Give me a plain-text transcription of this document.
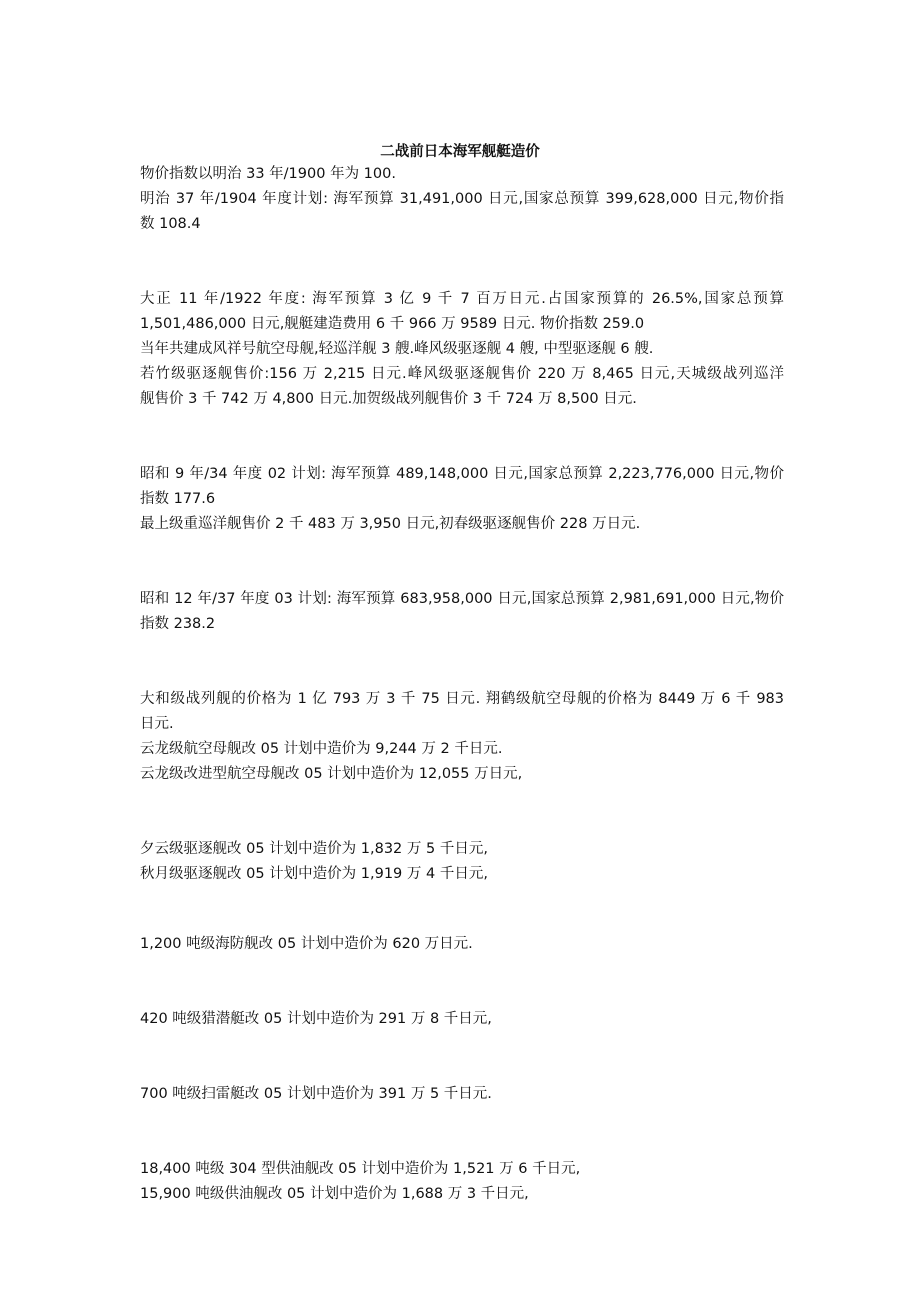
二战前日本海军舰艇造价
物价指数以明治 33 年/1900 年为 100.
明治 37 年/1904 年度计划: 海军预算 31,491,000 日元,国家总预算 399,628,000 日元,物价指
数 108.4
大正 11 年/1922 年度: 海军预算 3 亿 9 千 7 百万日元.占国家预算的 26.5%,国家总预算
1,501,486,000 日元,舰艇建造费用 6 千 966 万 9589 日元. 物价指数 259.0
当年共建成风祥号航空母舰,轻巡洋舰 3 艘.峰风级驱逐舰 4 艘, 中型驱逐舰 6 艘.
若竹级驱逐舰售价:156 万 2,215 日元.峰风级驱逐舰售价 220 万 8,465 日元,天城级战列巡洋
舰售价 3 千 742 万 4,800 日元.加贺级战列舰售价 3 千 724 万 8,500 日元.
昭和 9 年/34 年度 02 计划: 海军预算 489,148,000 日元,国家总预算 2,223,776,000 日元,物价
指数 177.6
最上级重巡洋舰售价 2 千 483 万 3,950 日元,初春级驱逐舰售价 228 万日元.
昭和 12 年/37 年度 03 计划: 海军预算 683,958,000 日元,国家总预算 2,981,691,000 日元,物价
指数 238.2
大和级战列舰的价格为 1 亿 793 万 3 千 75 日元. 翔鹤级航空母舰的价格为 8449 万 6 千 983
日元.
云龙级航空母舰改 05 计划中造价为 9,244 万 2 千日元.
云龙级改进型航空母舰改 05 计划中造价为 12,055 万日元,
夕云级驱逐舰改 05 计划中造价为 1,832 万 5 千日元,
秋月级驱逐舰改 05 计划中造价为 1,919 万 4 千日元,
1,200 吨级海防舰改 05 计划中造价为 620 万日元.
420 吨级猎潜艇改 05 计划中造价为 291 万 8 千日元,
700 吨级扫雷艇改 05 计划中造价为 391 万 5 千日元.
18,400 吨级 304 型供油舰改 05 计划中造价为 1,521 万 6 千日元,
15,900 吨级供油舰改 05 计划中造价为 1,688 万 3 千日元,
